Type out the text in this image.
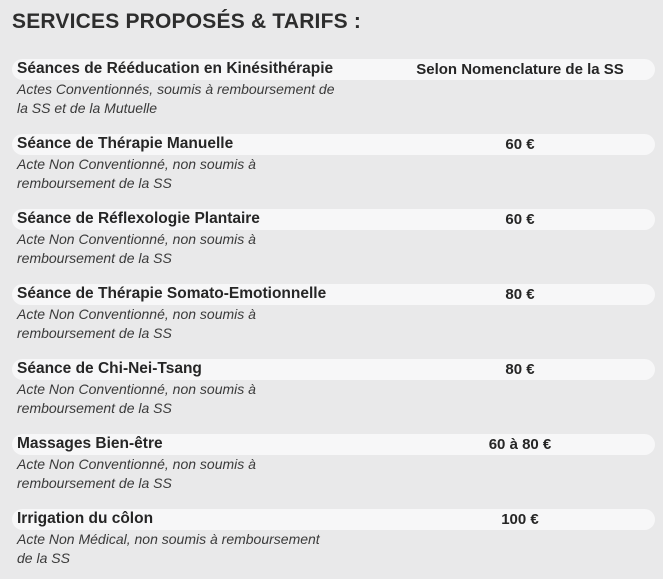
SERVICES PROPOSÉS & TARIFS :
Séances de Rééducation en Kinésithérapie	Selon Nomenclature de la SS
Actes Conventionnés, soumis à remboursement de la SS et de la Mutuelle
Séance de Thérapie Manuelle	60 €
Acte Non Conventionné, non soumis à remboursement de la SS
Séance de Réflexologie Plantaire	60 €
Acte Non Conventionné, non soumis à remboursement de la SS
Séance de Thérapie Somato-Emotionnelle	80 €
Acte Non Conventionné, non soumis à remboursement de la SS
Séance de Chi-Nei-Tsang	80 €
Acte Non Conventionné, non soumis à remboursement de la SS
Massages Bien-être	60 à 80 €
Acte Non Conventionné, non soumis à remboursement de la SS
Irrigation du côlon	100 €
Acte Non Médical, non soumis à remboursement de la SS
